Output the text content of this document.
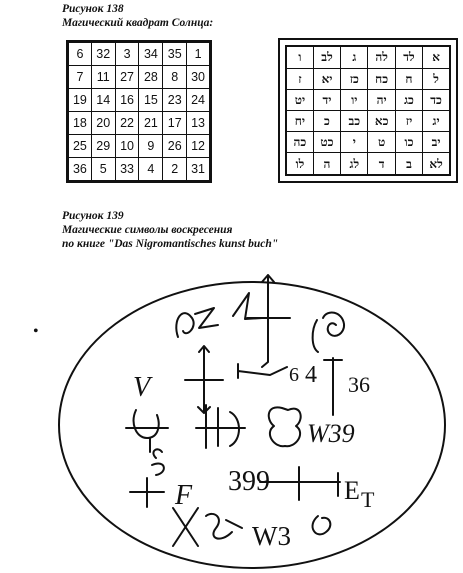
Рисунок 138
Магический квадрат Солнца:
6	32	3	34	35	1
7	11	27	28	8	30
19	14	16	15	23	24
18	20	22	21	17	13
25	29	10	9	26	12
36	5	33	4	2	31
ו	לב	ג	לה	לד	א
ז	יא	כז	כח	ח	ל
יט	יד	יו	יה	כג	כד
יח	כ	כב	כא	יז	יג
כה	כט	י	ט	כו	יב
לו	ה	לג	ד	ב	לא
Рисунок 139
Магические символы воскресения
по книге "Das Nigromantisches kunst buch"
•
36
4
6
W39
399
W3
V
E
F	T
